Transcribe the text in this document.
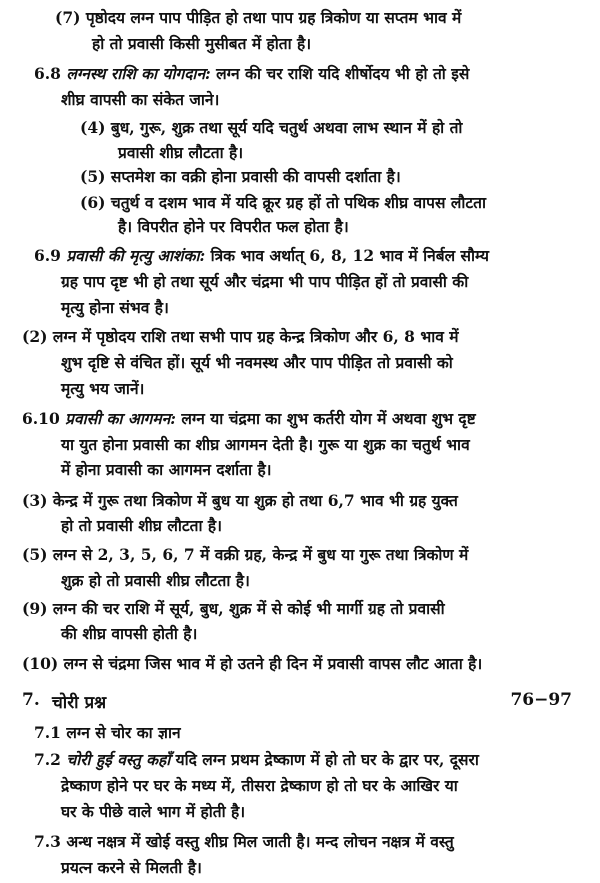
7. चोरी प्रश्न	76−97
(7) पृष्ठोदय लग्न पाप पीड़ित हो तथा पाप ग्रह त्रिकोण या सप्तम भाव में
हो तो प्रवासी किसी मुसीबत में होता है।
6.8 लग्नस्थ राशि का योगदान: लग्न की चर राशि यदि शीर्षोदय भी हो तो इसे
शीघ्र वापसी का संकेत जाने।
(4) बुध, गुरू, शुक्र तथा सूर्य यदि चतुर्थ अथवा लाभ स्थान में हो तो
प्रवासी शीघ्र लौटता है।
(5) सप्तमेश का वक्री होना प्रवासी की वापसी दर्शाता है।
(6) चतुर्थ व दशम भाव में यदि क्रूर ग्रह हों तो पथिक शीघ्र वापस लौटता
है। विपरीत होने पर विपरीत फल होता है।
6.9 प्रवासी की मृत्यु आशंका: त्रिक भाव अर्थात् 6, 8, 12 भाव में निर्बल सौम्य
ग्रह पाप दृष्ट भी हो तथा सूर्य और चंद्रमा भी पाप पीड़ित हों तो प्रवासी की
मृत्यु होना संभव है।
(2) लग्न में पृष्ठोदय राशि तथा सभी पाप ग्रह केन्द्र त्रिकोण और 6, 8 भाव में
शुभ दृष्टि से वंचित हों। सूर्य भी नवमस्थ और पाप पीड़ित तो प्रवासी को
मृत्यु भय जानें।
6.10 प्रवासी का आगमन: लग्न या चंद्रमा का शुभ कर्तरी योग में अथवा शुभ दृष्ट
या युत होना प्रवासी का शीघ्र आगमन देती है। गुरू या शुक्र का चतुर्थ भाव
में होना प्रवासी का आगमन दर्शाता है।
(3) केन्द्र में गुरू तथा त्रिकोण में बुध या शुक्र हो तथा 6,7 भाव भी ग्रह युक्त
हो तो प्रवासी शीघ्र लौटता है।
(5) लग्न से 2, 3, 5, 6, 7 में वक्री ग्रह, केन्द्र में बुध या गुरू तथा त्रिकोण में
शुक्र हो तो प्रवासी शीघ्र लौटता है।
(9) लग्न की चर राशि में सूर्य, बुध, शुक्र में से कोई भी मार्गी ग्रह तो प्रवासी
की शीघ्र वापसी होती है।
(10) लग्न से चंद्रमा जिस भाव में हो उतने ही दिन में प्रवासी वापस लौट आता है।
7.1 लग्न से चोर का ज्ञान
7.2 चोरी हुई वस्तु कहाँ यदि लग्न प्रथम द्रेष्काण में हो तो घर के द्वार पर, दूसरा
द्रेष्काण होने पर घर के मध्य में, तीसरा द्रेष्काण हो तो घर के आखिर या
घर के पीछे वाले भाग में होती है।
7.3 अन्ध नक्षत्र में खोई वस्तु शीघ्र मिल जाती है। मन्द लोचन नक्षत्र में वस्तु
प्रयत्न करने से मिलती है।
